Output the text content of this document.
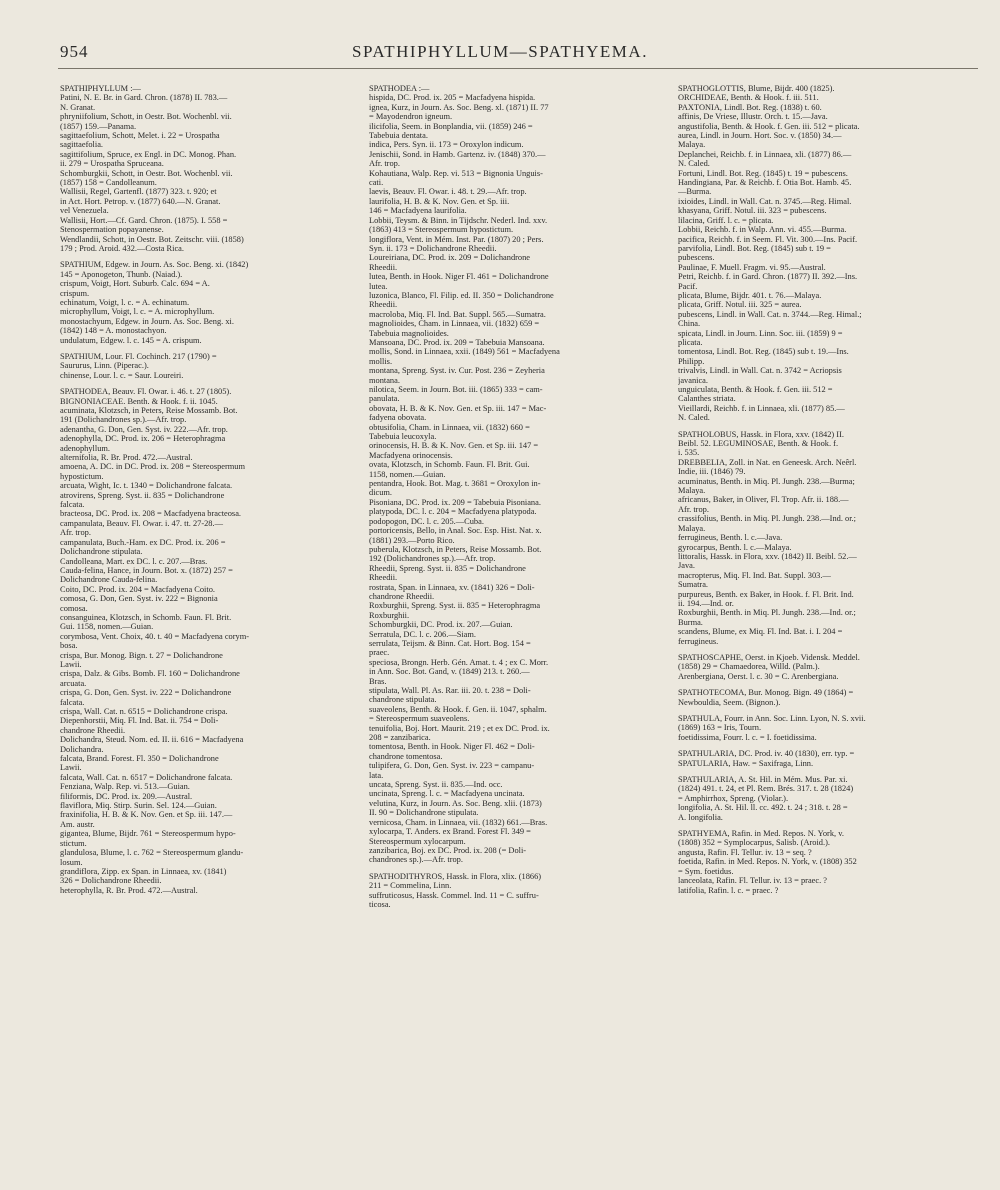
954	SPATHIPHYLLUM—SPATHYEMA.
SPATHIPHYLLUM :—
Patini, N. E. Br. in Gard. Chron. (1878) II. 783.—
N. Granat.
phryniifolium, Schott, in Oestr. Bot. Wochenbl. vii.
(1857) 159.—Panama.
sagittaefolium, Schott, Melet. i. 22 = Urospatha
sagittaefolia.
sagittifolium, Spruce, ex Engl. in DC. Monog. Phan.
ii. 279 = Urospatha Spruceana.
Schomburgkii, Schott, in Oestr. Bot. Wochenbl. vii.
(1857) 158 = Candolleanum.
Wallisii, Regel, Gartenfl. (1877) 323. t. 920; et
in Act. Hort. Petrop. v. (1877) 640.—N. Granat.
vel Venezuela.
Wallisii, Hort.—Cf. Gard. Chron. (1875). I. 558 =
Stenospermation popayanense.
Wendlandii, Schott, in Oestr. Bot. Zeitschr. viii. (1858)
179 ; Prod. Aroid. 432.—Costa Rica.
SPATHIUM, Edgew. in Journ. As. Soc. Beng. xi. (1842)
145 = Aponogeton, Thunb. (Naiad.).
crispum, Voigt, Hort. Suburb. Calc. 694 = A.
crispum.
echinatum, Voigt, l. c. = A. echinatum.
microphyllum, Voigt, l. c. = A. microphyllum.
monostachyum, Edgew. in Journ. As. Soc. Beng. xi.
(1842) 148 = A. monostachyon.
undulatum, Edgew. l. c. 145 = A. crispum.
SPATHIUM, Lour. Fl. Cochinch. 217 (1790) =
Saururus, Linn. (Piperac.).
chinense, Lour. l. c. = Saur. Loureiri.
SPATHODEA, Beauv. Fl. Owar. i. 46. t. 27 (1805).
BIGNONIACEAE. Benth. & Hook. f. ii. 1045.
acuminata, Klotzsch, in Peters, Reise Mossamb. Bot.
191 (Dolichandrones sp.).—Afr. trop.
adenantha, G. Don, Gen. Syst. iv. 222.—Afr. trop.
adenophylla, DC. Prod. ix. 206 = Heterophragma
adenophyllum.
alternifolia, R. Br. Prod. 472.—Austral.
amoena, A. DC. in DC. Prod. ix. 208 = Stereospermum
hypostictum.
arcuata, Wight, Ic. t. 1340 = Dolichandrone falcata.
atrovirens, Spreng. Syst. ii. 835 = Dolichandrone
falcata.
bracteosa, DC. Prod. ix. 208 = Macfadyena bracteosa.
campanulata, Beauv. Fl. Owar. i. 47. tt. 27-28.—
Afr. trop.
campanulata, Buch.-Ham. ex DC. Prod. ix. 206 =
Dolichandrone stipulata.
Candolleana, Mart. ex DC. l. c. 207.—Bras.
Cauda-felina, Hance, in Journ. Bot. x. (1872) 257 =
Dolichandrone Cauda-felina.
Coito, DC. Prod. ix. 204 = Macfadyena Coito.
comosa, G. Don, Gen. Syst. iv. 222 = Bignonia
comosa.
consanguinea, Klotzsch, in Schomb. Faun. Fl. Brit.
Gui. 1158, nomen.—Guian.
corymbosa, Vent. Choix, 40. t. 40 = Macfadyena corym-
bosa.
crispa, Bur. Monog. Bign. t. 27 = Dolichandrone
Lawii.
crispa, Dalz. & Gibs. Bomb. Fl. 160 = Dolichandrone
arcuata.
crispa, G. Don, Gen. Syst. iv. 222 = Dolichandrone
falcata.
crispa, Wall. Cat. n. 6515 = Dolichandrone crispa.
Diepenhorstii, Miq. Fl. Ind. Bat. ii. 754 = Doli-
chandrone Rheedii.
Dolichandra, Steud. Nom. ed. II. ii. 616 = Macfadyena
Dolichandra.
falcata, Brand. Forest. Fl. 350 = Dolichandrone
Lawii.
falcata, Wall. Cat. n. 6517 = Dolichandrone falcata.
Fenziana, Walp. Rep. vi. 513.—Guian.
filiformis, DC. Prod. ix. 209.—Austral.
flaviflora, Miq. Stirp. Surin. Sel. 124.—Guian.
fraxinifolia, H. B. & K. Nov. Gen. et Sp. iii. 147.—
Am. austr.
gigantea, Blume, Bijdr. 761 = Stereospermum hypo-
stictum.
glandulosa, Blume, l. c. 762 = Stereospermum glandu-
losum.
grandiflora, Zipp. ex Span. in Linnaea, xv. (1841)
326 = Dolichandrone Rheedii.
heterophylla, R. Br. Prod. 472.—Austral.
SPATHODEA :—
hispida, DC. Prod. ix. 205 = Macfadyena hispida.
ignea, Kurz, in Journ. As. Soc. Beng. xl. (1871) II. 77
= Mayodendron igneum.
ilicifolia, Seem. in Bonplandia, vii. (1859) 246 =
Tabebuia dentata.
indica, Pers. Syn. ii. 173 = Oroxylon indicum.
Jenischii, Sond. in Hamb. Gartenz. iv. (1848) 370.—
Afr. trop.
Kohautiana, Walp. Rep. vi. 513 = Bignonia Unguis-
cati.
laevis, Beauv. Fl. Owar. i. 48. t. 29.—Afr. trop.
laurifolia, H. B. & K. Nov. Gen. et Sp. iii.
146 = Macfadyena laurifolia.
Lobbii, Teysm. & Binn. in Tijdschr. Nederl. Ind. xxv.
(1863) 413 = Stereospermum hypostictum.
longiflora, Vent. in Mém. Inst. Par. (1807) 20 ; Pers.
Syn. ii. 173 = Dolichandrone Rheedii.
Loureiriana, DC. Prod. ix. 209 = Dolichandrone
Rheedii.
lutea, Benth. in Hook. Niger Fl. 461 = Dolichandrone
lutea.
luzonica, Blanco, Fl. Filip. ed. II. 350 = Dolichandrone
Rheedii.
macroloba, Miq. Fl. Ind. Bat. Suppl. 565.—Sumatra.
magnolioides, Cham. in Linnaea, vii. (1832) 659 =
Tabebuia magnolioides.
Mansoana, DC. Prod. ix. 209 = Tabebuia Mansoana.
mollis, Sond. in Linnaea, xxii. (1849) 561 = Macfadyena
mollis.
montana, Spreng. Syst. iv. Cur. Post. 236 = Zeyheria
montana.
nilotica, Seem. in Journ. Bot. iii. (1865) 333 = cam-
panulata.
obovata, H. B. & K. Nov. Gen. et Sp. iii. 147 = Mac-
fadyena obovata.
obtusifolia, Cham. in Linnaea, vii. (1832) 660 =
Tabebuia leucoxyla.
orinocensis, H. B. & K. Nov. Gen. et Sp. iii. 147 =
Macfadyena orinocensis.
ovata, Klotzsch, in Schomb. Faun. Fl. Brit. Gui.
1158, nomen.—Guian.
pentandra, Hook. Bot. Mag. t. 3681 = Oroxylon in-
dicum.
Pisoniana, DC. Prod. ix. 209 = Tabebuia Pisoniana.
platypoda, DC. l. c. 204 = Macfadyena platypoda.
podopogon, DC. l. c. 205.—Cuba.
portoricensis, Bello, in Anal. Soc. Esp. Hist. Nat. x.
(1881) 293.—Porto Rico.
puberula, Klotzsch, in Peters, Reise Mossamb. Bot.
192 (Dolichandrones sp.).—Afr. trop.
Rheedii, Spreng. Syst. ii. 835 = Dolichandrone
Rheedii.
rostrata, Span. in Linnaea, xv. (1841) 326 = Doli-
chandrone Rheedii.
Roxburghii, Spreng. Syst. ii. 835 = Heterophragma
Roxburghii.
Schomburgkii, DC. Prod. ix. 207.—Guian.
Serratula, DC. l. c. 206.—Siam.
serrulata, Teijsm. & Binn. Cat. Hort. Bog. 154 =
praec.
speciosa, Brongn. Herb. Gén. Amat. t. 4 ; ex C. Morr.
in Ann. Soc. Bot. Gand, v. (1849) 213. t. 260.—
Bras.
stipulata, Wall. Pl. As. Rar. iii. 20. t. 238 = Doli-
chandrone stipulata.
suaveolens, Benth. & Hook. f. Gen. ii. 1047, sphalm.
= Stereospermum suaveolens.
tenuifolia, Boj. Hort. Maurit. 219 ; et ex DC. Prod. ix.
208 = zanzibarica.
tomentosa, Benth. in Hook. Niger Fl. 462 = Doli-
chandrone tomentosa.
tulipifera, G. Don, Gen. Syst. iv. 223 = campanu-
lata.
uncata, Spreng. Syst. ii. 835.—Ind. occ.
uncinata, Spreng. l. c. = Macfadyena uncinata.
velutina, Kurz, in Journ. As. Soc. Beng. xlii. (1873)
II. 90 = Dolichandrone stipulata.
vernicosa, Cham. in Linnaea, vii. (1832) 661.—Bras.
xylocarpa, T. Anders. ex Brand. Forest Fl. 349 =
Stereospermum xylocarpum.
zanzibarica, Boj. ex DC. Prod. ix. 208 (= Doli-
chandrones sp.).—Afr. trop.
SPATHODITHYROS, Hassk. in Flora, xlix. (1866)
211 = Commelina, Linn.
suffruticosus, Hassk. Commel. Ind. 11 = C. suffru-
ticosa.
SPATHOGLOTTIS, Blume, Bijdr. 400 (1825).
ORCHIDEAE, Benth. & Hook. f. iii. 511.
PAXTONIA, Lindl. Bot. Reg. (1838) t. 60.
affinis, De Vriese, Illustr. Orch. t. 15.—Java.
angustifolia, Benth. & Hook. f. Gen. iii. 512 = plicata.
aurea, Lindl. in Journ. Hort. Soc. v. (1850) 34.—
Malaya.
Deplanchei, Reichb. f. in Linnaea, xli. (1877) 86.—
N. Caled.
Fortuni, Lindl. Bot. Reg. (1845) t. 19 = pubescens.
Handingiana, Par. & Reichb. f. Otia Bot. Hamb. 45.
—Burma.
ixioides, Lindl. in Wall. Cat. n. 3745.—Reg. Himal.
khasyana, Griff. Notul. iii. 323 = pubescens.
lilacina, Griff. l. c. = plicata.
Lobbii, Reichb. f. in Walp. Ann. vi. 455.—Burma.
pacifica, Reichb. f. in Seem. Fl. Vit. 300.—Ins. Pacif.
parvifolia, Lindl. Bot. Reg. (1845) sub t. 19 =
pubescens.
Paulinae, F. Muell. Fragm. vi. 95.—Austral.
Petri, Reichb. f. in Gard. Chron. (1877) II. 392.—Ins.
Pacif.
plicata, Blume, Bijdr. 401. t. 76.—Malaya.
plicata, Griff. Notul. iii. 325 = aurea.
pubescens, Lindl. in Wall. Cat. n. 3744.—Reg. Himal.;
China.
spicata, Lindl. in Journ. Linn. Soc. iii. (1859) 9 =
plicata.
tomentosa, Lindl. Bot. Reg. (1845) sub t. 19.—Ins.
Philipp.
trivalvis, Lindl. in Wall. Cat. n. 3742 = Acriopsis
javanica.
unguiculata, Benth. & Hook. f. Gen. iii. 512 =
Calanthes striata.
Vieillardi, Reichb. f. in Linnaea, xli. (1877) 85.—
N. Caled.
SPATHOLOBUS, Hassk. in Flora, xxv. (1842) II.
Beibl. 52. LEGUMINOSAE, Benth. & Hook. f.
i. 535.
DREBBELIA, Zoll. in Nat. en Geneesk. Arch. Neêrl.
Indie, iii. (1846) 79.
acuminatus, Benth. in Miq. Pl. Jungh. 238.—Burma;
Malaya.
africanus, Baker, in Oliver, Fl. Trop. Afr. ii. 188.—
Afr. trop.
crassifolius, Benth. in Miq. Pl. Jungh. 238.—Ind. or.;
Malaya.
ferrugineus, Benth. l. c.—Java.
gyrocarpus, Benth. l. c.—Malaya.
littoralis, Hassk. in Flora, xxv. (1842) II. Beibl. 52.—
Java.
macropterus, Miq. Fl. Ind. Bat. Suppl. 303.—
Sumatra.
purpureus, Benth. ex Baker, in Hook. f. Fl. Brit. Ind.
ii. 194.—Ind. or.
Roxburghii, Benth. in Miq. Pl. Jungh. 238.—Ind. or.;
Burma.
scandens, Blume, ex Miq. Fl. Ind. Bat. i. I. 204 =
ferrugineus.
SPATHOSCAPHE, Oerst. in Kjoeb. Vidensk. Meddel.
(1858) 29 = Chamaedorea, Willd. (Palm.).
Arenbergiana, Oerst. l. c. 30 = C. Arenbergiana.
SPATHOTECOMA, Bur. Monog. Bign. 49 (1864) =
Newbouldia, Seem. (Bignon.).
SPATHULA, Fourr. in Ann. Soc. Linn. Lyon, N. S. xvii.
(1869) 163 = Iris, Tourn.
foetidissima, Fourr. l. c. = I. foetidissima.
SPATHULARIA, DC. Prod. iv. 40 (1830), err. typ. =
SPATULARIA, Haw. = Saxifraga, Linn.
SPATHULARIA, A. St. Hil. in Mém. Mus. Par. xi.
(1824) 491. t. 24, et Pl. Rem. Brés. 317. t. 28 (1824)
= Amphirrhox, Spreng. (Violar.).
longifolia, A. St. Hil. ll. cc. 492. t. 24 ; 318. t. 28 =
A. longifolia.
SPATHYEMA, Rafin. in Med. Repos. N. York, v.
(1808) 352 = Symplocarpus, Salisb. (Aroid.).
angusta, Rafin. Fl. Tellur. iv. 13 = seq. ?
foetida, Rafin. in Med. Repos. N. York, v. (1808) 352
= Sym. foetidus.
lanceolata, Rafin. Fl. Tellur. iv. 13 = praec. ?
latifolia, Rafin. l. c. = praec. ?
